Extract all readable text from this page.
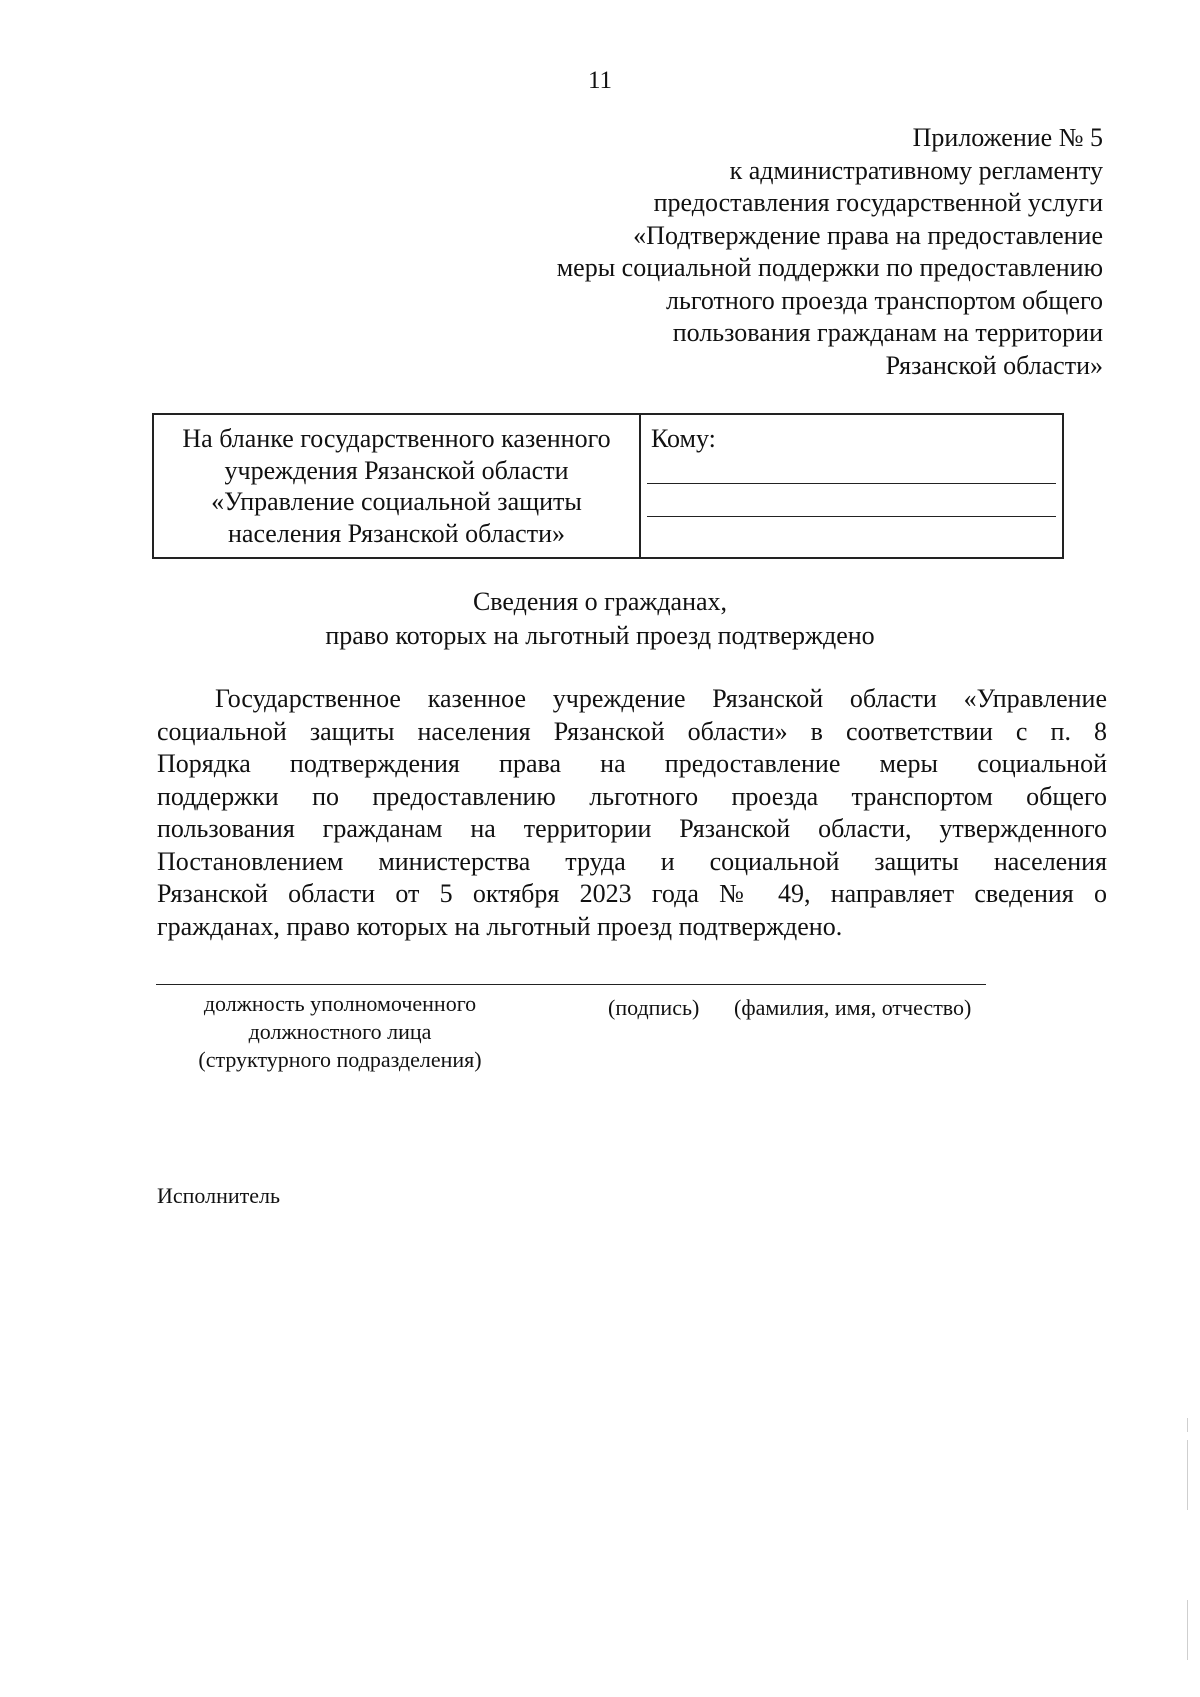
11
Приложение № 5
к административному регламенту
предоставления государственной услуги
«Подтверждение права на предоставление
меры социальной поддержки по предоставлению
льготного проезда транспортом общего
пользования гражданам на территории
Рязанской области»
На бланке государственного казенного
учреждения Рязанской области
«Управление социальной защиты
населения Рязанской области»
Кому:
Сведения о гражданах,
право которых на льготный проезд подтверждено
Государственное казенное учреждение Рязанской области «Управление
социальной защиты населения Рязанской области» в соответствии с п. 8
Порядка подтверждения права на предоставление меры социальной
поддержки по предоставлению льготного проезда транспортом общего
пользования гражданам на территории Рязанской области, утвержденного
Постановлением министерства труда и социальной защиты населения
Рязанской области от 5 октября 2023 года № 49, направляет сведения о
гражданах, право которых на льготный проезд подтверждено.
должность уполномоченного
должностного лица
(структурного подразделения)
(подпись) (фамилия, имя, отчество)
Исполнитель
